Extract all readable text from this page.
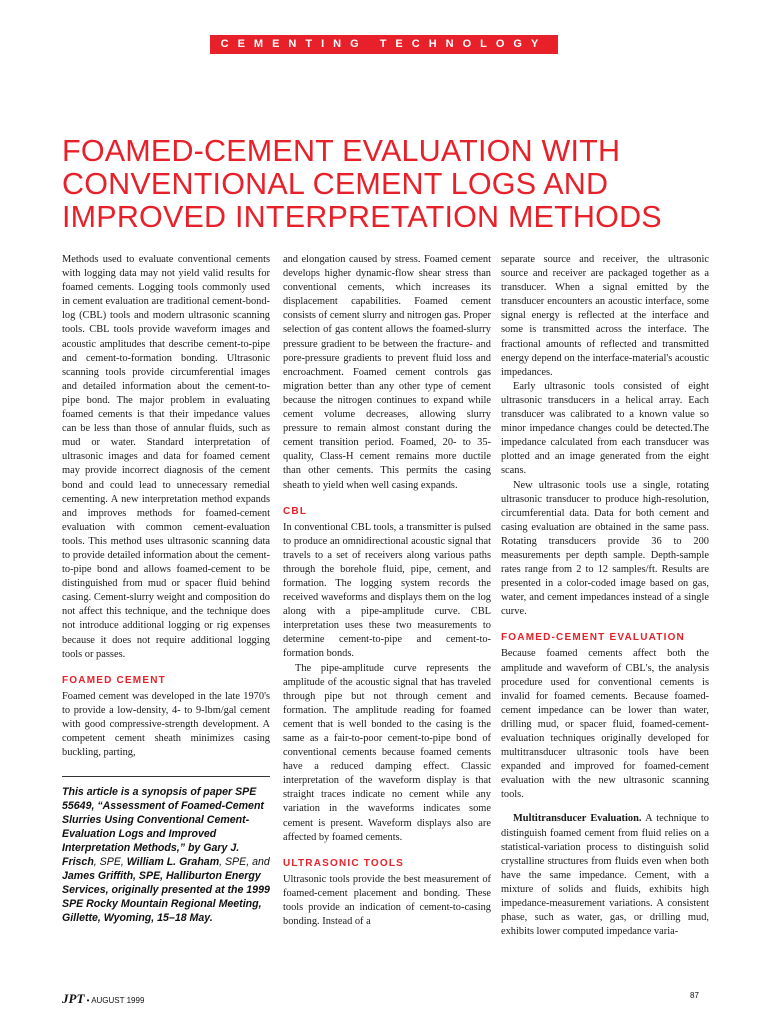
CEMENTING TECHNOLOGY
FOAMED-CEMENT EVALUATION WITH CONVENTIONAL CEMENT LOGS AND IMPROVED INTERPRETATION METHODS

Methods used to evaluate conventional cements with logging data may not yield valid results for foamed cements. Logging tools commonly used in cement evaluation are traditional cement-bond-log (CBL) tools and modern ultrasonic scanning tools. CBL tools provide waveform images and acoustic amplitudes that describe cement-to-pipe and cement-to-formation bonding. Ultrasonic scanning tools provide circumferential images and detailed information about the cement-to-pipe bond. The major problem in evaluating foamed cements is that their impedance values can be less than those of annular fluids, such as mud or water. Standard interpretation of ultrasonic images and data for foamed cement may provide incorrect diagnosis of the cement bond and could lead to unnecessary remedial cementing. A new interpretation method expands and improves methods for foamed-cement evaluation with common cement-evaluation tools. This method uses ultrasonic scanning data to provide detailed information about the cement-to-pipe bond and allows foamed-cement to be distinguished from mud or spacer fluid behind casing. Cement-slurry weight and composition do not affect this technique, and the technique does not introduce additional logging or rig expenses because it does not require additional logging tools or passes.

FOAMED CEMENT

Foamed cement was developed in the late 1970's to provide a low-density, 4- to 9-lbm/gal cement with good compressive-strength development. A competent cement sheath minimizes casing buckling, parting,

This article is a synopsis of paper SPE 55649, “Assessment of Foamed-Cement Slurries Using Conventional Cement-Evaluation Logs and Improved Interpretation Methods,” by Gary J. Frisch, SPE, William L. Graham, SPE, and James Griffith, SPE, Halliburton Energy Services, originally presented at the 1999 SPE Rocky Mountain Regional Meeting, Gillette, Wyoming, 15–18 May.

and elongation caused by stress. Foamed cement develops higher dynamic-flow shear stress than conventional cements, which increases its displacement capabilities. Foamed cement consists of cement slurry and nitrogen gas. Proper selection of gas content allows the foamed-slurry pressure gradient to be between the fracture- and pore-pressure gradients to prevent fluid loss and encroachment. Foamed cement controls gas migration better than any other type of cement because the nitrogen continues to expand while cement volume decreases, allowing slurry pressure to remain almost constant during the cement transition period. Foamed, 20- to 35-quality, Class-H cement remains more ductile than other cements. This permits the casing sheath to yield when well casing expands.

CBL

In conventional CBL tools, a transmitter is pulsed to produce an omnidirectional acoustic signal that travels to a set of receivers along various paths through the borehole fluid, pipe, cement, and formation. The logging system records the received waveforms and displays them on the log along with a pipe-amplitude curve. CBL interpretation uses these two measurements to determine cement-to-pipe and cement-to-formation bonds.

The pipe-amplitude curve represents the amplitude of the acoustic signal that has traveled through pipe but not through cement and formation. The amplitude reading for foamed cement that is well bonded to the casing is the same as a fair-to-poor cement-to-pipe bond of conventional cements because foamed cements have a reduced damping effect. Classic interpretation of the waveform display is that straight traces indicate no cement while any variation in the waveforms indicates some cement is present. Waveform displays also are affected by foamed cements.

ULTRASONIC TOOLS

Ultrasonic tools provide the best measurement of foamed-cement placement and bonding. These tools provide an indication of cement-to-casing bonding. Instead of a

separate source and receiver, the ultrasonic source and receiver are packaged together as a transducer. When a signal emitted by the transducer encounters an acoustic interface, some signal energy is reflected at the interface and some is transmitted across the interface. The fractional amounts of reflected and transmitted energy depend on the interface-material's acoustic impedances.

Early ultrasonic tools consisted of eight ultrasonic transducers in a helical array. Each transducer was calibrated to a known value so minor impedance changes could be detected.The impedance calculated from each transducer was plotted and an image generated from the eight scans.

New ultrasonic tools use a single, rotating ultrasonic transducer to produce high-resolution, circumferential data. Data for both cement and casing evaluation are obtained in the same pass. Rotating transducers provide 36 to 200 measurements per depth sample. Depth-sample rates range from 2 to 12 samples/ft. Results are presented in a color-coded image based on gas, water, and cement impedances instead of a single curve.

FOAMED-CEMENT EVALUATION

Because foamed cements affect both the amplitude and waveform of CBL's, the analysis procedure used for conventional cements is invalid for foamed cements. Because foamed-cement impedance can be lower than water, drilling mud, or spacer fluid, foamed-cement-evaluation techniques originally developed for multitransducer ultrasonic tools have been expanded and improved for foamed-cement evaluation with the new ultrasonic scanning tools.

Multitransducer Evaluation. A technique to distinguish foamed cement from fluid relies on a statistical-variation process to distinguish solid crystalline structures from fluids even when both have the same impedance. Cement, with a mixture of solids and fluids, exhibits high impedance-measurement variations. A consistent phase, such as water, gas, or drilling mud, exhibits lower computed impedance varia-

JPT • AUGUST 1999
87
